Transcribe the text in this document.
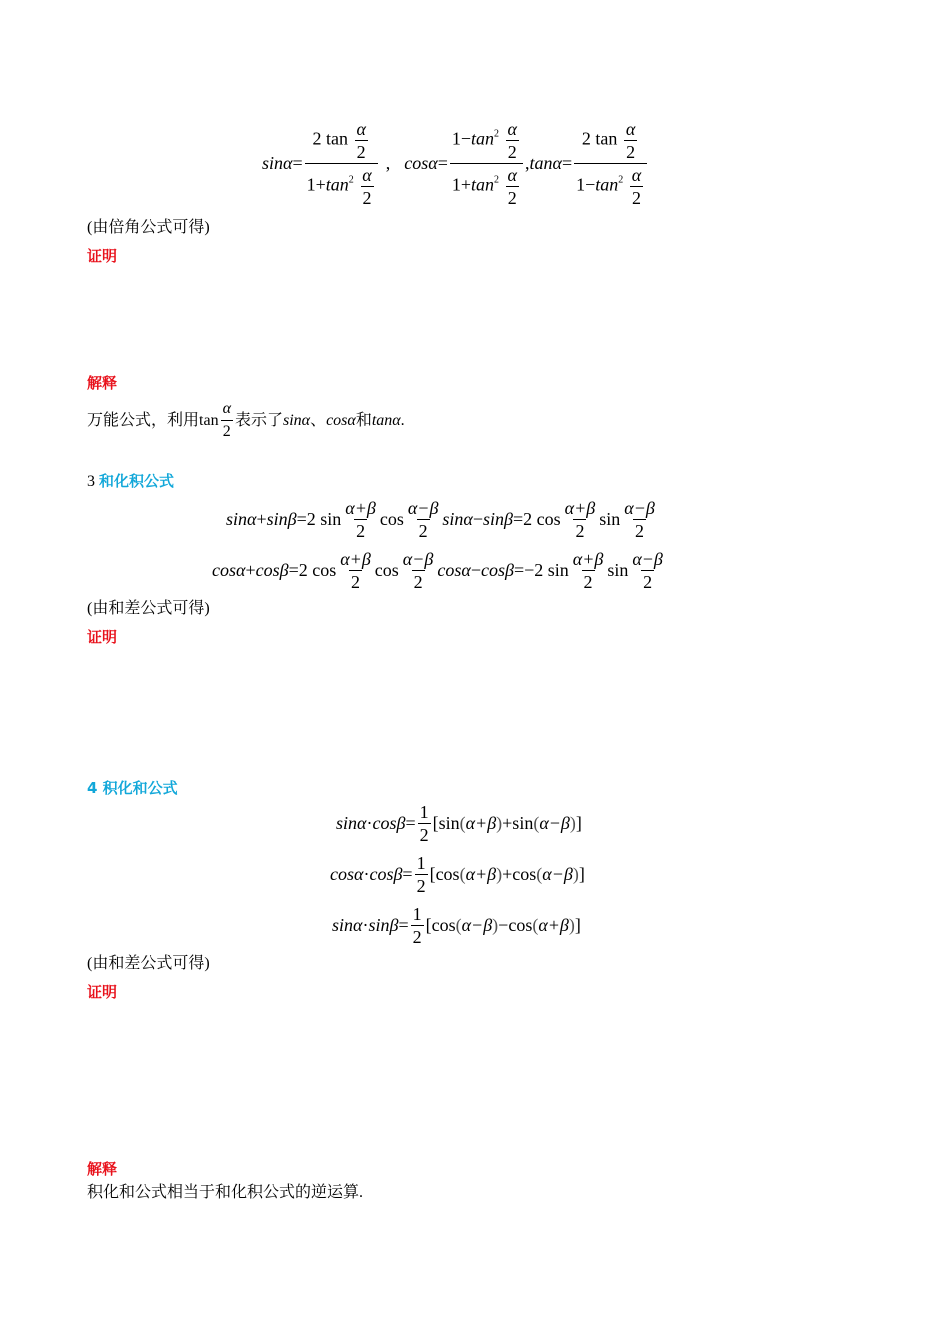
$\sin\alpha = \frac{2 \tan \frac{\alpha}{2}}{1+\tan^2 \frac{\alpha}{2}}$ , $\cos\alpha = \frac{1-\tan^2 \frac{\alpha}{2}}{1+\tan^2 \frac{\alpha}{2}}$ , $\tan\alpha = \frac{2 \tan \frac{\alpha}{2}}{1-\tan^2 \frac{\alpha}{2}}$
(由倍角公式可得)
证明
解释
万能公式，利用 $\tan \frac{\alpha}{2}$ 表示了 sinα 、 cosα 和 tanα .
3 和化积公式
sinα + sinβ =2 $\sin \frac{\alpha+\beta}{2}$ $\cos \frac{\alpha-\beta}{2}$ sinα − sinβ =2 $\cos \frac{\alpha+\beta}{2}$ $\sin \frac{\alpha-\beta}{2}$
cosα + cosβ =2 $\cos \frac{\alpha+\beta}{2}$ $\cos \frac{\alpha-\beta}{2}$ cosα − cosβ =−2 $\sin \frac{\alpha+\beta}{2}$ $\sin \frac{\alpha-\beta}{2}$
(由和差公式可得)
证明
4 积化和公式
$\sin\alpha \cdot \cos\beta = \frac{1}{2} [\sin$ ( α+β ) +sin ( α−β ) ]
$\cos\alpha \cdot \cos\beta = \frac{1}{2} [\cos$ ( α+β ) +cos ( α−β ) ]
$\sin\alpha \cdot \sin\beta = \frac{1}{2} [\cos$ ( α−β ) −cos ( α+β ) ]
(由和差公式可得)
证明
解释
积化和公式相当于和化积公式的逆运算.
